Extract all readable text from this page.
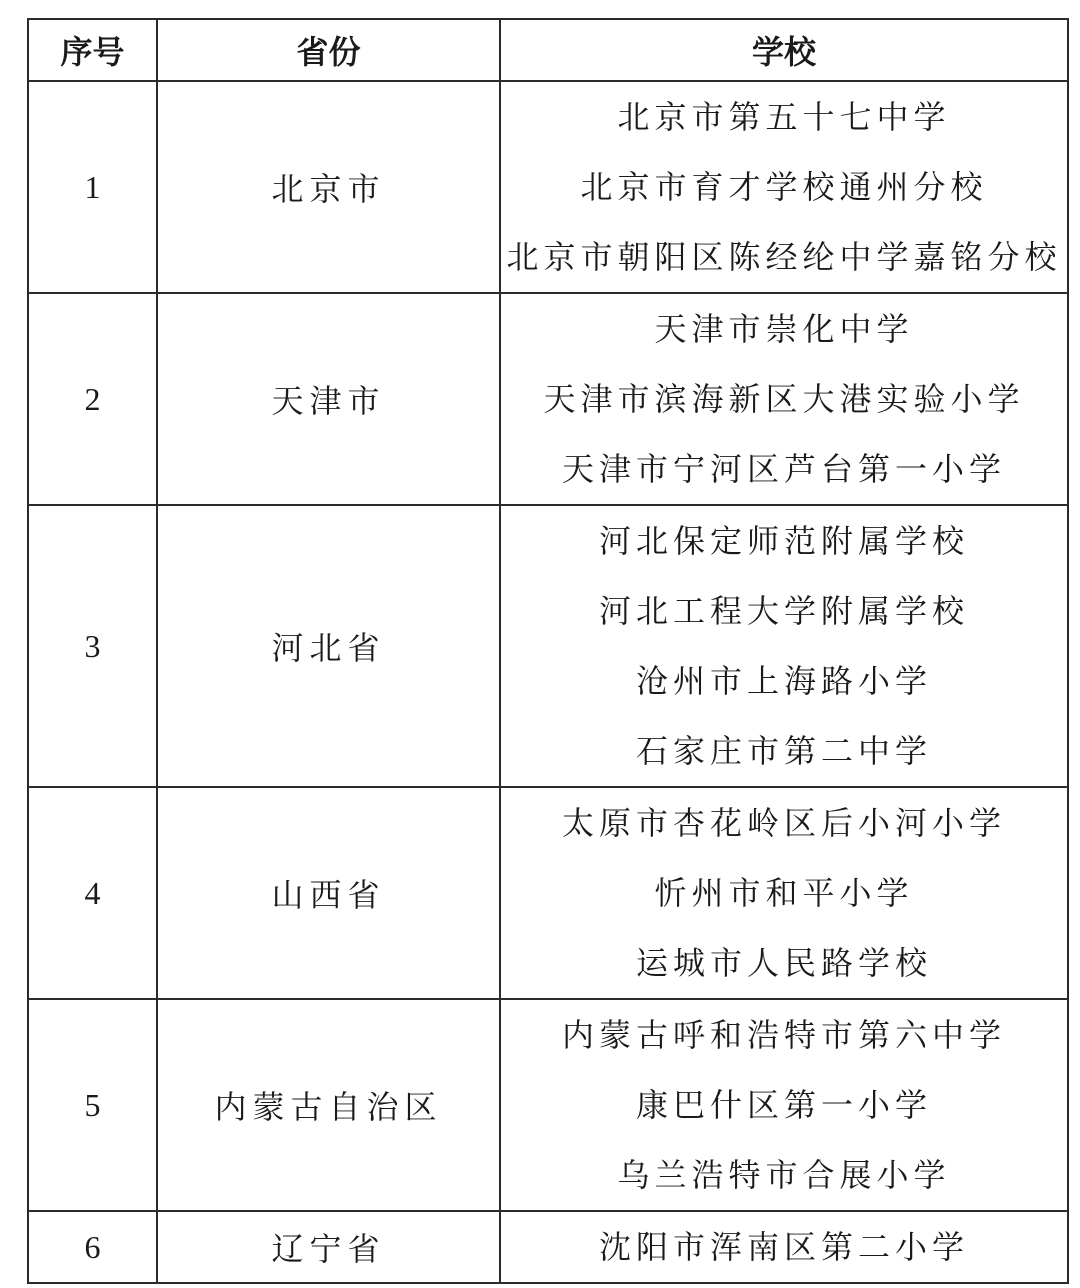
序号	省份	学校
1	北京市	北京市第五十七中学
北京市育才学校通州分校
北京市朝阳区陈经纶中学嘉铭分校

2	天津市	天津市崇化中学
天津市滨海新区大港实验小学
天津市宁河区芦台第一小学

3	河北省	河北保定师范附属学校
河北工程大学附属学校
沧州市上海路小学
石家庄市第二中学

4	山西省	太原市杏花岭区后小河小学
忻州市和平小学
运城市人民路学校

5	内蒙古自治区	内蒙古呼和浩特市第六中学
康巴什区第一小学
乌兰浩特市合展小学

6	辽宁省	沈阳市浑南区第二小学
